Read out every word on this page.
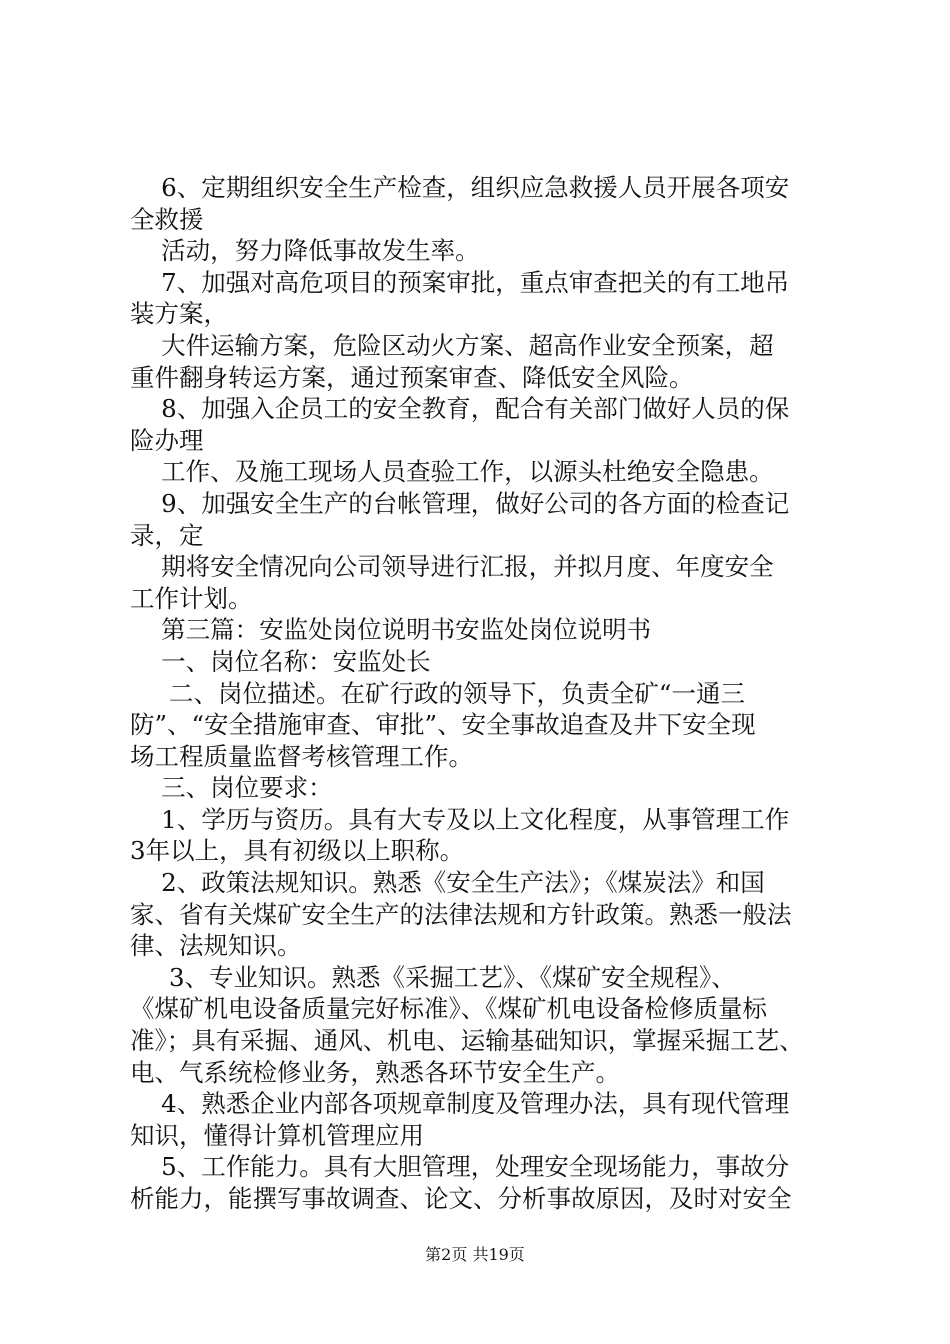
6、定期组织安全生产检查，组织应急救援人员开展各项安
全救援
活动，努力降低事故发生率。
7、加强对高危项目的预案审批，重点审查把关的有工地吊
装方案，
大件运输方案，危险区动火方案、超高作业安全预案，超
重件翻身转运方案，通过预案审查、降低安全风险。
8、加强入企员工的安全教育，配合有关部门做好人员的保
险办理
工作、及施工现场人员查验工作，以源头杜绝安全隐患。
9、加强安全生产的台帐管理，做好公司的各方面的检查记
录，定
期将安全情况向公司领导进行汇报，并拟月度、年度安全
工作计划。
第三篇：安监处岗位说明书安监处岗位说明书
一、岗位名称：安监处长
二、岗位描述。在矿行政的领导下，负责全矿“一通三
防”、“安全措施审查、审批”、安全事故追查及井下安全现
场工程质量监督考核管理工作。
三、岗位要求：
1、学历与资历。具有大专及以上文化程度，从事管理工作
3年以上，具有初级以上职称。
2、政策法规知识。熟悉《安全生产法》；《煤炭法》和国
家、省有关煤矿安全生产的法律法规和方针政策。熟悉一般法
律、法规知识。
3、专业知识。熟悉《采掘工艺》、《煤矿安全规程》、
《煤矿机电设备质量完好标准》、《煤矿机电设备检修质量标
准》；具有采掘、通风、机电、运输基础知识，掌握采掘工艺、
电、气系统检修业务，熟悉各环节安全生产。
4、熟悉企业内部各项规章制度及管理办法，具有现代管理
知识，懂得计算机管理应用
5、工作能力。具有大胆管理，处理安全现场能力，事故分
析能力，能撰写事故调查、论文、分析事故原因，及时对安全
第2页 共19页
